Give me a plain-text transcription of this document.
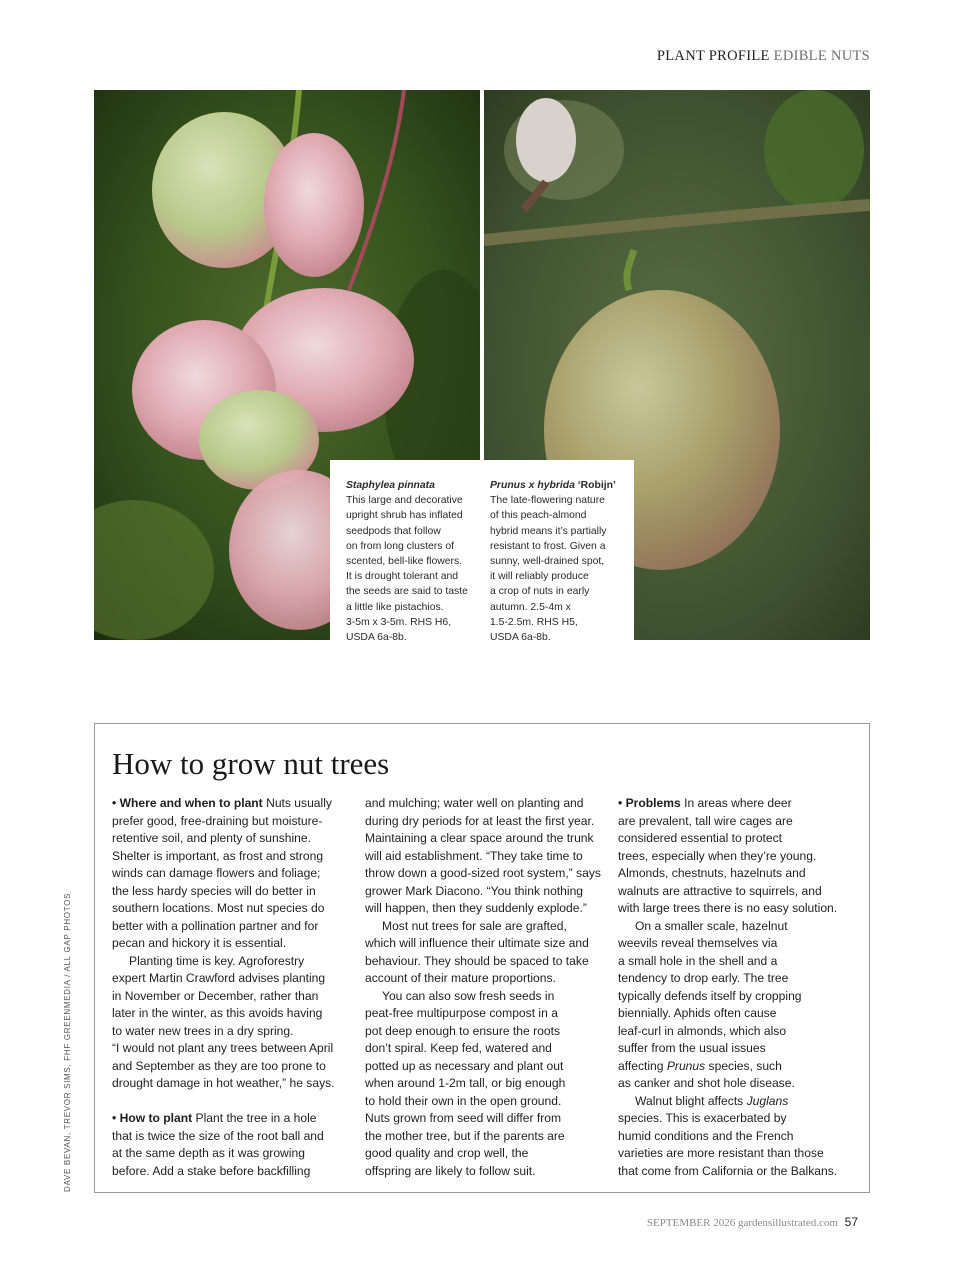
PLANT PROFILE EDIBLE NUTS
Staphylea pinnata
This large and decorative
upright shrub has inflated
seedpods that follow
on from long clusters of
scented, bell-like flowers.
It is drought tolerant and
the seeds are said to taste
a little like pistachios.
3-5m x 3-5m. RHS H6,
USDA 6a-8b.
Prunus x hybrida ‘Robijn’
The late-flowering nature
of this peach-almond
hybrid means it’s partially
resistant to frost. Given a
sunny, well-drained spot,
it will reliably produce
a crop of nuts in early
autumn. 2.5-4m x
1.5-2.5m. RHS H5,
USDA 6a-8b.
DAVE BEVAN, TREVOR SIMS, FHF GREENMEDIA / ALL GAP PHOTOS
How to grow nut trees

• Where and when to plant Nuts usually
prefer good, free-draining but moisture-
retentive soil, and plenty of sunshine.
Shelter is important, as frost and strong
winds can damage flowers and foliage;
the less hardy species will do better in
southern locations. Most nut species do
better with a pollination partner and for
pecan and hickory it is essential.

Planting time is key. Agroforestry
expert Martin Crawford advises planting
in November or December, rather than
later in the winter, as this avoids having
to water new trees in a dry spring.
“I would not plant any trees between April
and September as they are too prone to
drought damage in hot weather,” he says.

• How to plant Plant the tree in a hole
that is twice the size of the root ball and
at the same depth as it was growing
before. Add a stake before backfilling

and mulching; water well on planting and
during dry periods for at least the first year.
Maintaining a clear space around the trunk
will aid establishment. “They take time to
throw down a good-sized root system,” says
grower Mark Diacono. “You think nothing
will happen, then they suddenly explode.”

Most nut trees for sale are grafted,
which will influence their ultimate size and
behaviour. They should be spaced to take
account of their mature proportions.

You can also sow fresh seeds in
peat-free multipurpose compost in a
pot deep enough to ensure the roots
don’t spiral. Keep fed, watered and
potted up as necessary and plant out
when around 1-2m tall, or big enough
to hold their own in the open ground.
Nuts grown from seed will differ from
the mother tree, but if the parents are
good quality and crop well, the
offspring are likely to follow suit.

• Problems In areas where deer
are prevalent, tall wire cages are
considered essential to protect
trees, especially when they’re young.
Almonds, chestnuts, hazelnuts and
walnuts are attractive to squirrels, and
with large trees there is no easy solution.

On a smaller scale, hazelnut
weevils reveal themselves via
a small hole in the shell and a
tendency to drop early. The tree
typically defends itself by cropping
biennially. Aphids often cause
leaf-curl in almonds, which also
suffer from the usual issues
affecting Prunus species, such
as canker and shot hole disease.

Walnut blight affects Juglans
species. This is exacerbated by
humid conditions and the French
varieties are more resistant than those
that come from California or the Balkans.

SEPTEMBER 2026 gardensillustrated.com 57
